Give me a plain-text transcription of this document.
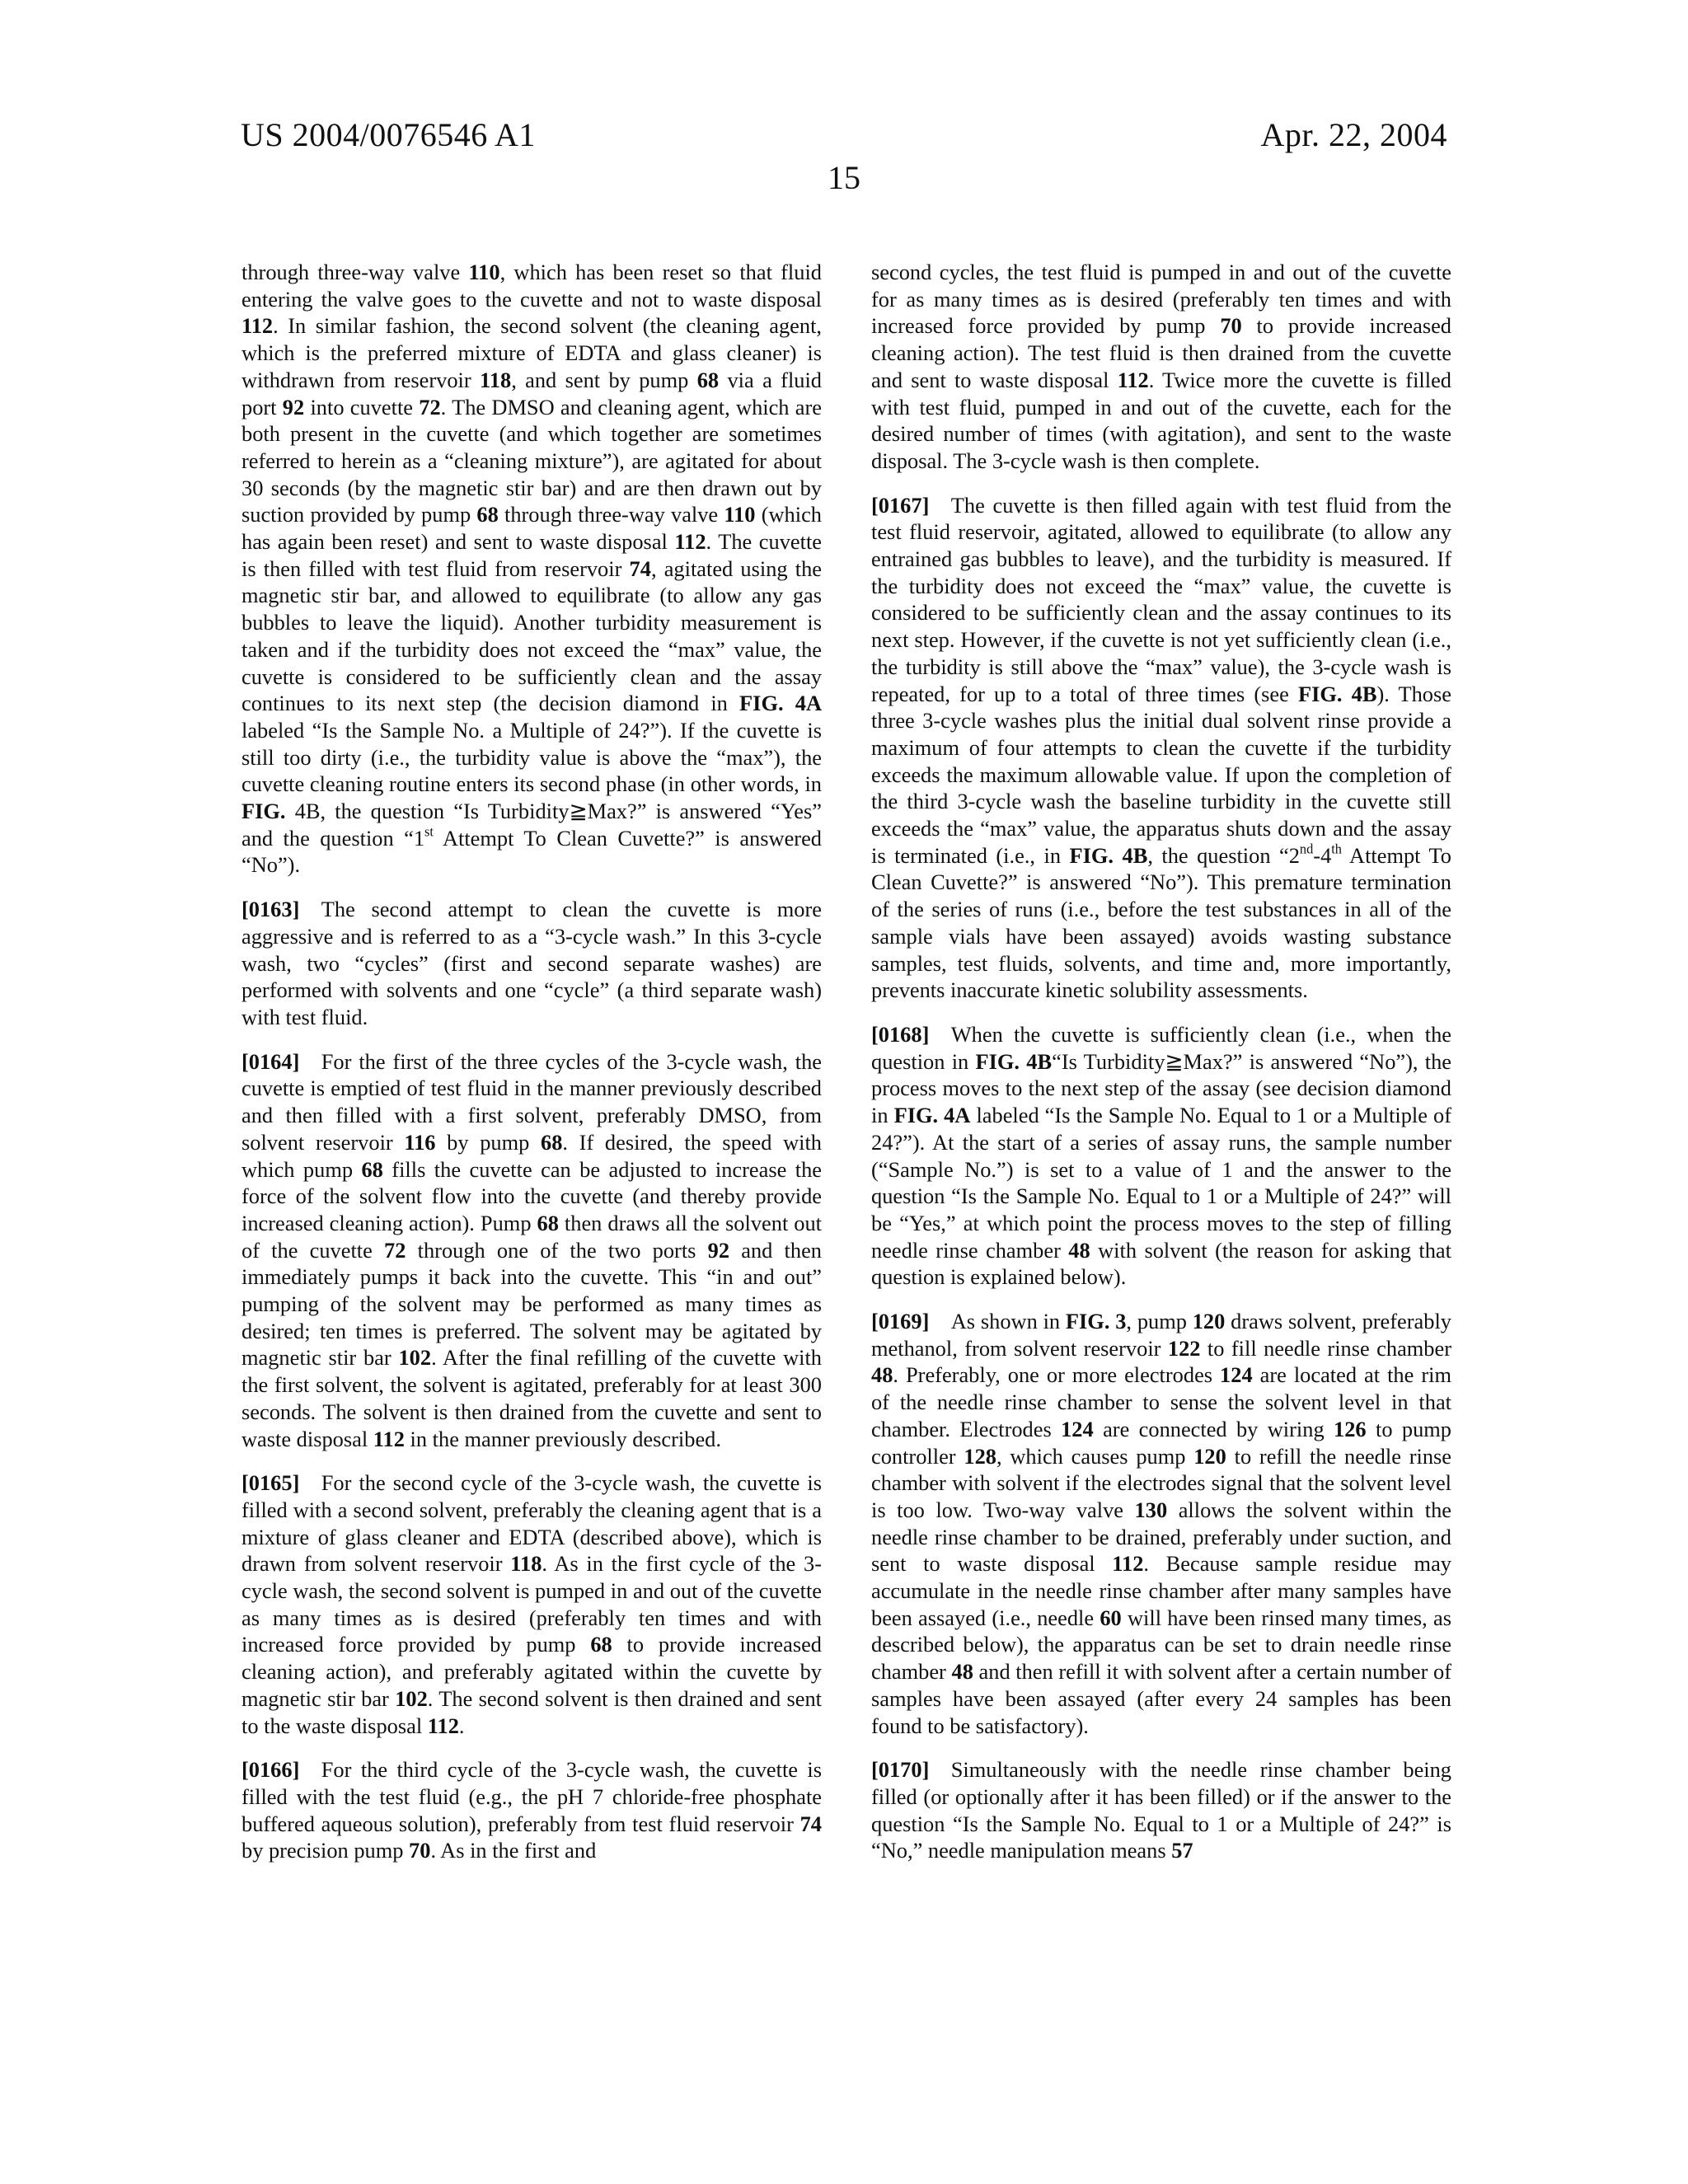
US 2004/0076546 A1	Apr. 22, 2004
15

through three-way valve 110, which has been reset so that fluid entering the valve goes to the cuvette and not to waste disposal 112. In similar fashion, the second solvent (the cleaning agent, which is the preferred mixture of EDTA and glass cleaner) is withdrawn from reservoir 118, and sent by pump 68 via a fluid port 92 into cuvette 72. The DMSO and cleaning agent, which are both present in the cuvette (and which together are sometimes referred to herein as a “cleaning mixture”), are agitated for about 30 seconds (by the magnetic stir bar) and are then drawn out by suction provided by pump 68 through three-way valve 110 (which has again been reset) and sent to waste disposal 112. The cuvette is then filled with test fluid from reservoir 74, agitated using the magnetic stir bar, and allowed to equilibrate (to allow any gas bubbles to leave the liquid). Another turbidity measurement is taken and if the turbidity does not exceed the “max” value, the cuvette is considered to be sufficiently clean and the assay continues to its next step (the decision diamond in FIG. 4A labeled “Is the Sample No. a Multiple of 24?”). If the cuvette is still too dirty (i.e., the turbidity value is above the “max”), the cuvette cleaning routine enters its second phase (in other words, in FIG. 4B, the question “Is Turbidity≧Max?” is answered “Yes” and the question “1st Attempt To Clean Cuvette?” is answered “No”).

[0163]  The second attempt to clean the cuvette is more aggressive and is referred to as a “3-cycle wash.” In this 3-cycle wash, two “cycles” (first and second separate washes) are performed with solvents and one “cycle” (a third separate wash) with test fluid.

[0164]  For the first of the three cycles of the 3-cycle wash, the cuvette is emptied of test fluid in the manner previously described and then filled with a first solvent, preferably DMSO, from solvent reservoir 116 by pump 68. If desired, the speed with which pump 68 fills the cuvette can be adjusted to increase the force of the solvent flow into the cuvette (and thereby provide increased cleaning action). Pump 68 then draws all the solvent out of the cuvette 72 through one of the two ports 92 and then immediately pumps it back into the cuvette. This “in and out” pumping of the solvent may be performed as many times as desired; ten times is preferred. The solvent may be agitated by magnetic stir bar 102. After the final refilling of the cuvette with the first solvent, the solvent is agitated, preferably for at least 300 seconds. The solvent is then drained from the cuvette and sent to waste disposal 112 in the manner previously described.

[0165]  For the second cycle of the 3-cycle wash, the cuvette is filled with a second solvent, preferably the cleaning agent that is a mixture of glass cleaner and EDTA (described above), which is drawn from solvent reservoir 118. As in the first cycle of the 3-cycle wash, the second solvent is pumped in and out of the cuvette as many times as is desired (preferably ten times and with increased force provided by pump 68 to provide increased cleaning action), and preferably agitated within the cuvette by magnetic stir bar 102. The second solvent is then drained and sent to the waste disposal 112.

[0166]  For the third cycle of the 3-cycle wash, the cuvette is filled with the test fluid (e.g., the pH 7 chloride-free phosphate buffered aqueous solution), preferably from test fluid reservoir 74 by precision pump 70. As in the first and

second cycles, the test fluid is pumped in and out of the cuvette for as many times as is desired (preferably ten times and with increased force provided by pump 70 to provide increased cleaning action). The test fluid is then drained from the cuvette and sent to waste disposal 112. Twice more the cuvette is filled with test fluid, pumped in and out of the cuvette, each for the desired number of times (with agitation), and sent to the waste disposal. The 3-cycle wash is then complete.

[0167]  The cuvette is then filled again with test fluid from the test fluid reservoir, agitated, allowed to equilibrate (to allow any entrained gas bubbles to leave), and the turbidity is measured. If the turbidity does not exceed the “max” value, the cuvette is considered to be sufficiently clean and the assay continues to its next step. However, if the cuvette is not yet sufficiently clean (i.e., the turbidity is still above the “max” value), the 3-cycle wash is repeated, for up to a total of three times (see FIG. 4B). Those three 3-cycle washes plus the initial dual solvent rinse provide a maximum of four attempts to clean the cuvette if the turbidity exceeds the maximum allowable value. If upon the completion of the third 3-cycle wash the baseline turbidity in the cuvette still exceeds the “max” value, the apparatus shuts down and the assay is terminated (i.e., in FIG. 4B, the question “2nd-4th Attempt To Clean Cuvette?” is answered “No”). This premature termination of the series of runs (i.e., before the test substances in all of the sample vials have been assayed) avoids wasting substance samples, test fluids, solvents, and time and, more importantly, prevents inaccurate kinetic solubility assessments.

[0168]  When the cuvette is sufficiently clean (i.e., when the question in FIG. 4B“Is Turbidity≧Max?” is answered “No”), the process moves to the next step of the assay (see decision diamond in FIG. 4A labeled “Is the Sample No. Equal to 1 or a Multiple of 24?”). At the start of a series of assay runs, the sample number (“Sample No.”) is set to a value of 1 and the answer to the question “Is the Sample No. Equal to 1 or a Multiple of 24?” will be “Yes,” at which point the process moves to the step of filling needle rinse chamber 48 with solvent (the reason for asking that question is explained below).

[0169]  As shown in FIG. 3, pump 120 draws solvent, preferably methanol, from solvent reservoir 122 to fill needle rinse chamber 48. Preferably, one or more electrodes 124 are located at the rim of the needle rinse chamber to sense the solvent level in that chamber. Electrodes 124 are connected by wiring 126 to pump controller 128, which causes pump 120 to refill the needle rinse chamber with solvent if the electrodes signal that the solvent level is too low. Two-way valve 130 allows the solvent within the needle rinse chamber to be drained, preferably under suction, and sent to waste disposal 112. Because sample residue may accumulate in the needle rinse chamber after many samples have been assayed (i.e., needle 60 will have been rinsed many times, as described below), the apparatus can be set to drain needle rinse chamber 48 and then refill it with solvent after a certain number of samples have been assayed (after every 24 samples has been found to be satisfactory).

[0170]  Simultaneously with the needle rinse chamber being filled (or optionally after it has been filled) or if the answer to the question “Is the Sample No. Equal to 1 or a Multiple of 24?” is “No,” needle manipulation means 57
